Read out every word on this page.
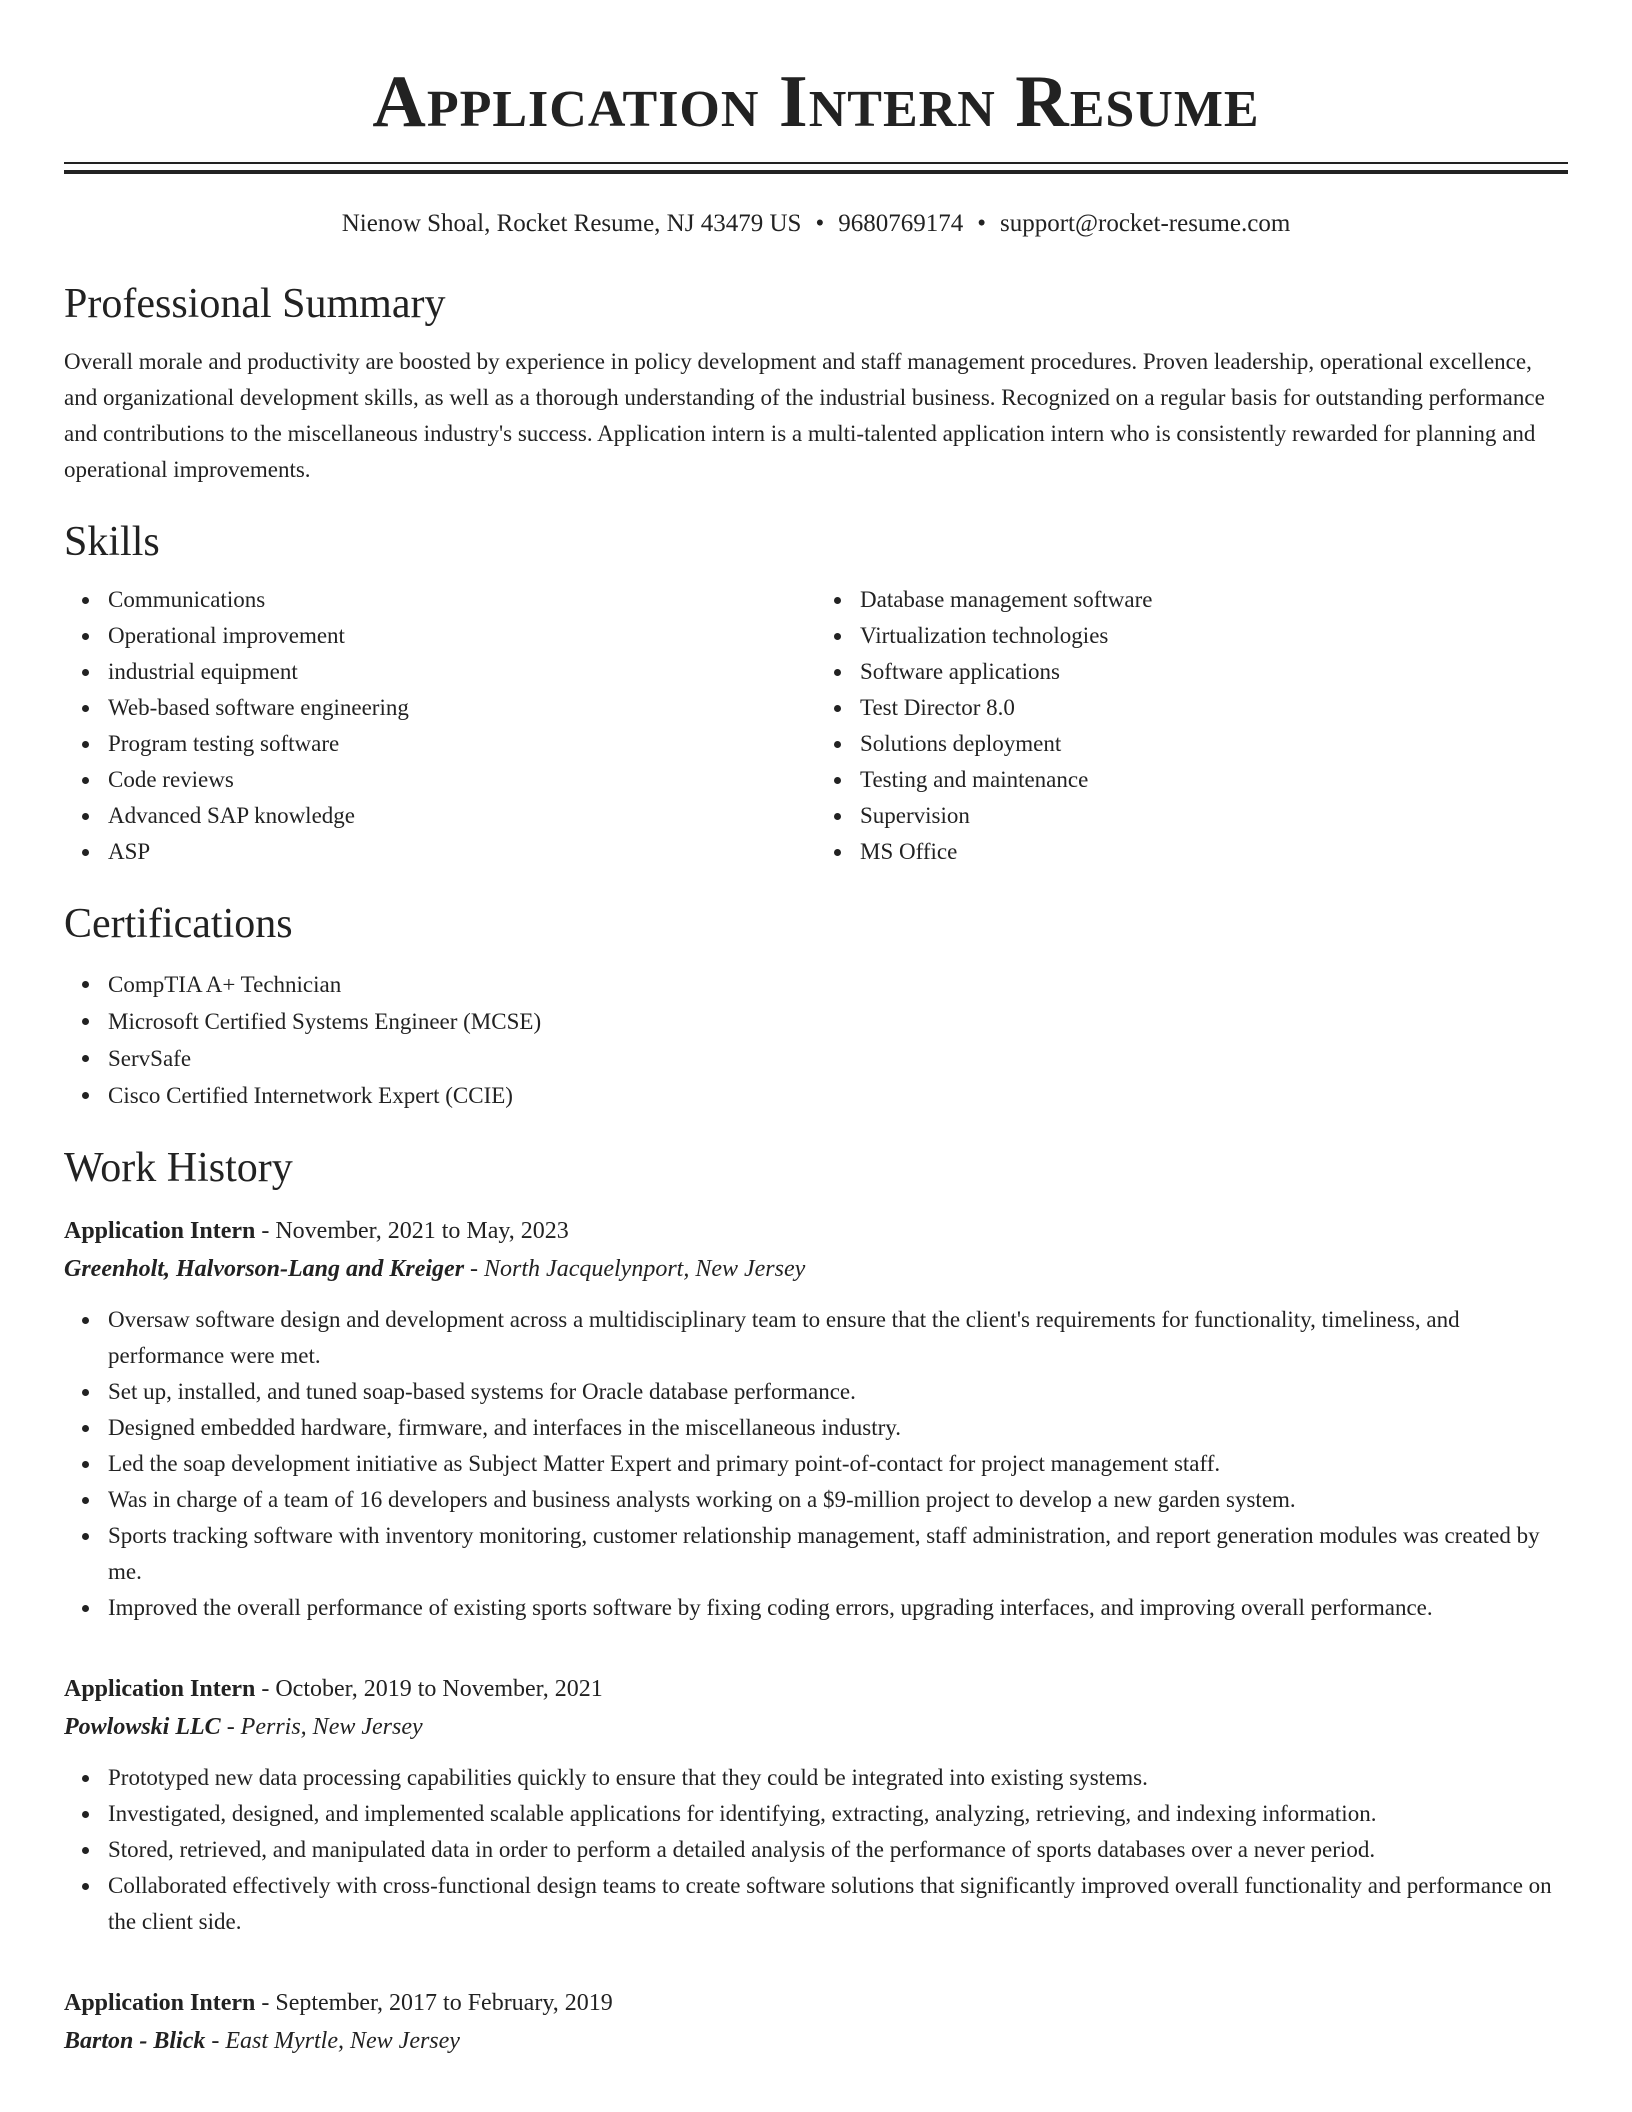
Application Intern Resume
Nienow Shoal, Rocket Resume, NJ 43479 US • 9680769174 • support@rocket-resume.com
Professional Summary

Overall morale and productivity are boosted by experience in policy development and staff management procedures. Proven leadership, operational excellence, and organizational development skills, as well as a thorough understanding of the industrial business. Recognized on a regular basis for outstanding performance and contributions to the miscellaneous industry's success. Application intern is a multi-talented application intern who is consistently rewarded for planning and operational improvements.

Skills
Communications
Operational improvement
industrial equipment
Web-based software engineering
Program testing software
Code reviews
Advanced SAP knowledge
ASP
Database management software
Virtualization technologies
Software applications
Test Director 8.0
Solutions deployment
Testing and maintenance
Supervision
MS Office
Certifications
CompTIA A+ Technician
Microsoft Certified Systems Engineer (MCSE)
ServSafe
Cisco Certified Internetwork Expert (CCIE)
Work History
Application Intern - November, 2021 to May, 2023
Greenholt, Halvorson-Lang and Kreiger - North Jacquelynport, New Jersey
Oversaw software design and development across a multidisciplinary team to ensure that the client's requirements for functionality, timeliness, and performance were met.
Set up, installed, and tuned soap-based systems for Oracle database performance.
Designed embedded hardware, firmware, and interfaces in the miscellaneous industry.
Led the soap development initiative as Subject Matter Expert and primary point-of-contact for project management staff.
Was in charge of a team of 16 developers and business analysts working on a $9-million project to develop a new garden system.
Sports tracking software with inventory monitoring, customer relationship management, staff administration, and report generation modules was created by me.
Improved the overall performance of existing sports software by fixing coding errors, upgrading interfaces, and improving overall performance.
Application Intern - October, 2019 to November, 2021
Powlowski LLC - Perris, New Jersey
Prototyped new data processing capabilities quickly to ensure that they could be integrated into existing systems.
Investigated, designed, and implemented scalable applications for identifying, extracting, analyzing, retrieving, and indexing information.
Stored, retrieved, and manipulated data in order to perform a detailed analysis of the performance of sports databases over a never period.
Collaborated effectively with cross-functional design teams to create software solutions that significantly improved overall functionality and performance on the client side.
Application Intern - September, 2017 to February, 2019
Barton - Blick - East Myrtle, New Jersey
